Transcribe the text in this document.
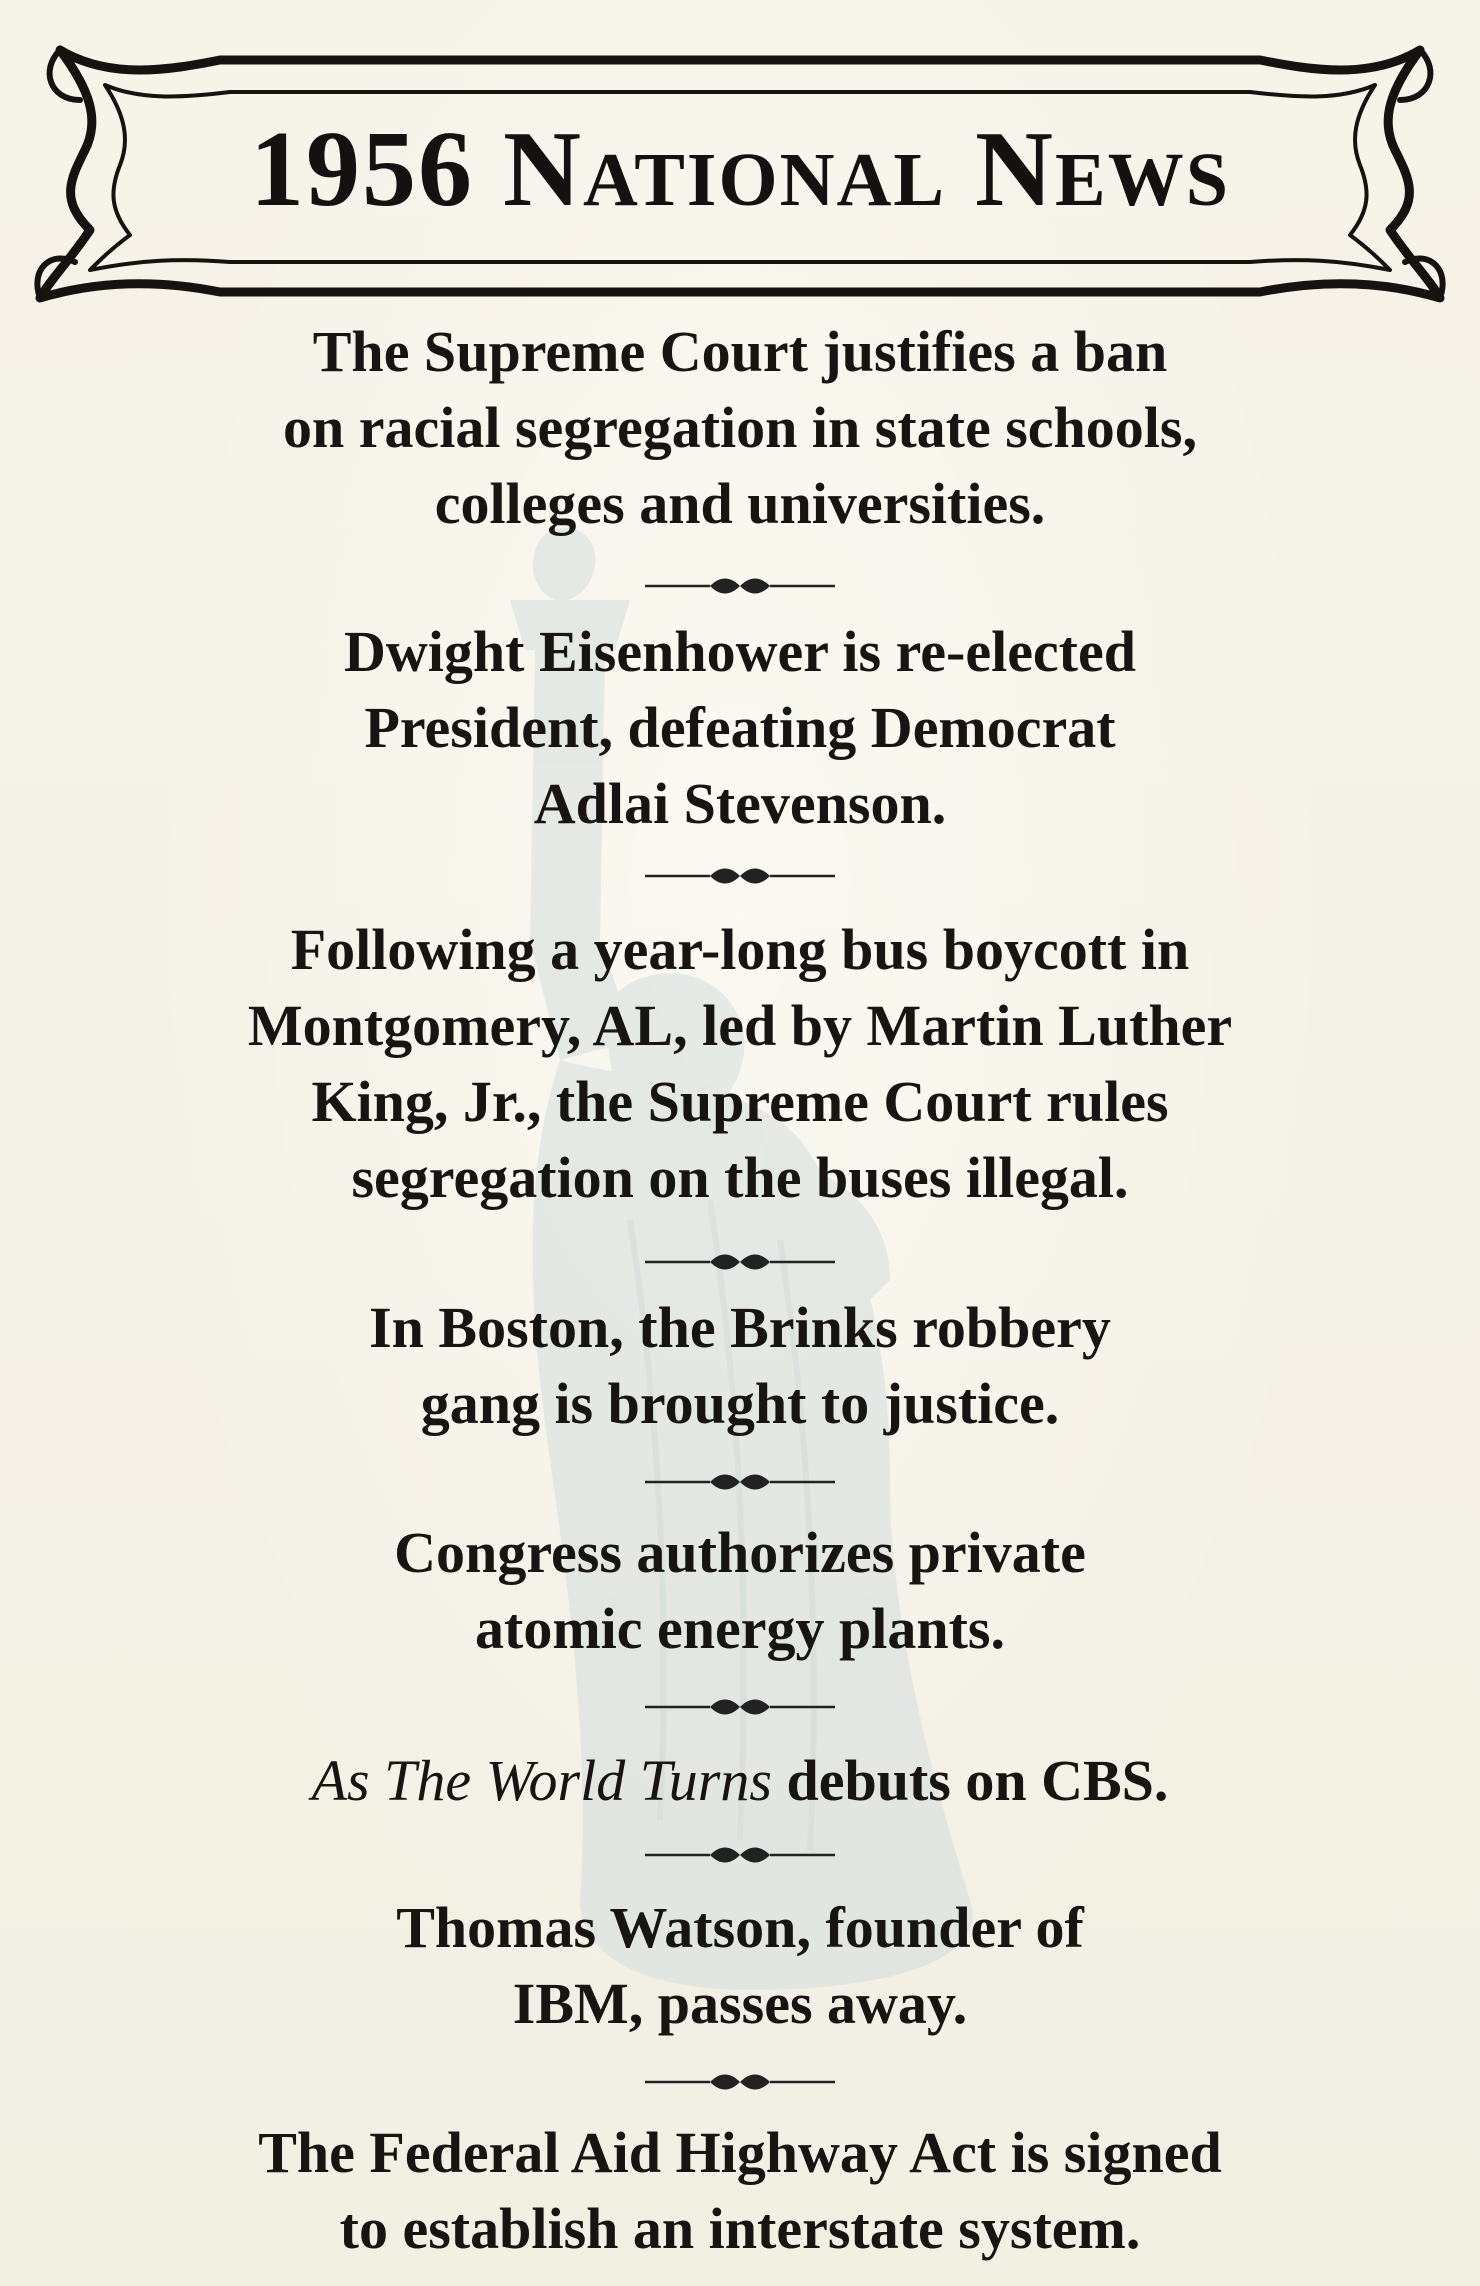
1956 National News
The Supreme Court justifies a ban
on racial segregation in state schools,
colleges and universities.
Dwight Eisenhower is re-elected
President, defeating Democrat
Adlai Stevenson.
Following a year-long bus boycott in
Montgomery, AL, led by Martin Luther
King, Jr., the Supreme Court rules
segregation on the buses illegal.
In Boston, the Brinks robbery
gang is brought to justice.
Congress authorizes private
atomic energy plants.
As The World Turns debuts on CBS.
Thomas Watson, founder of
IBM, passes away.
The Federal Aid Highway Act is signed
to establish an interstate system.
